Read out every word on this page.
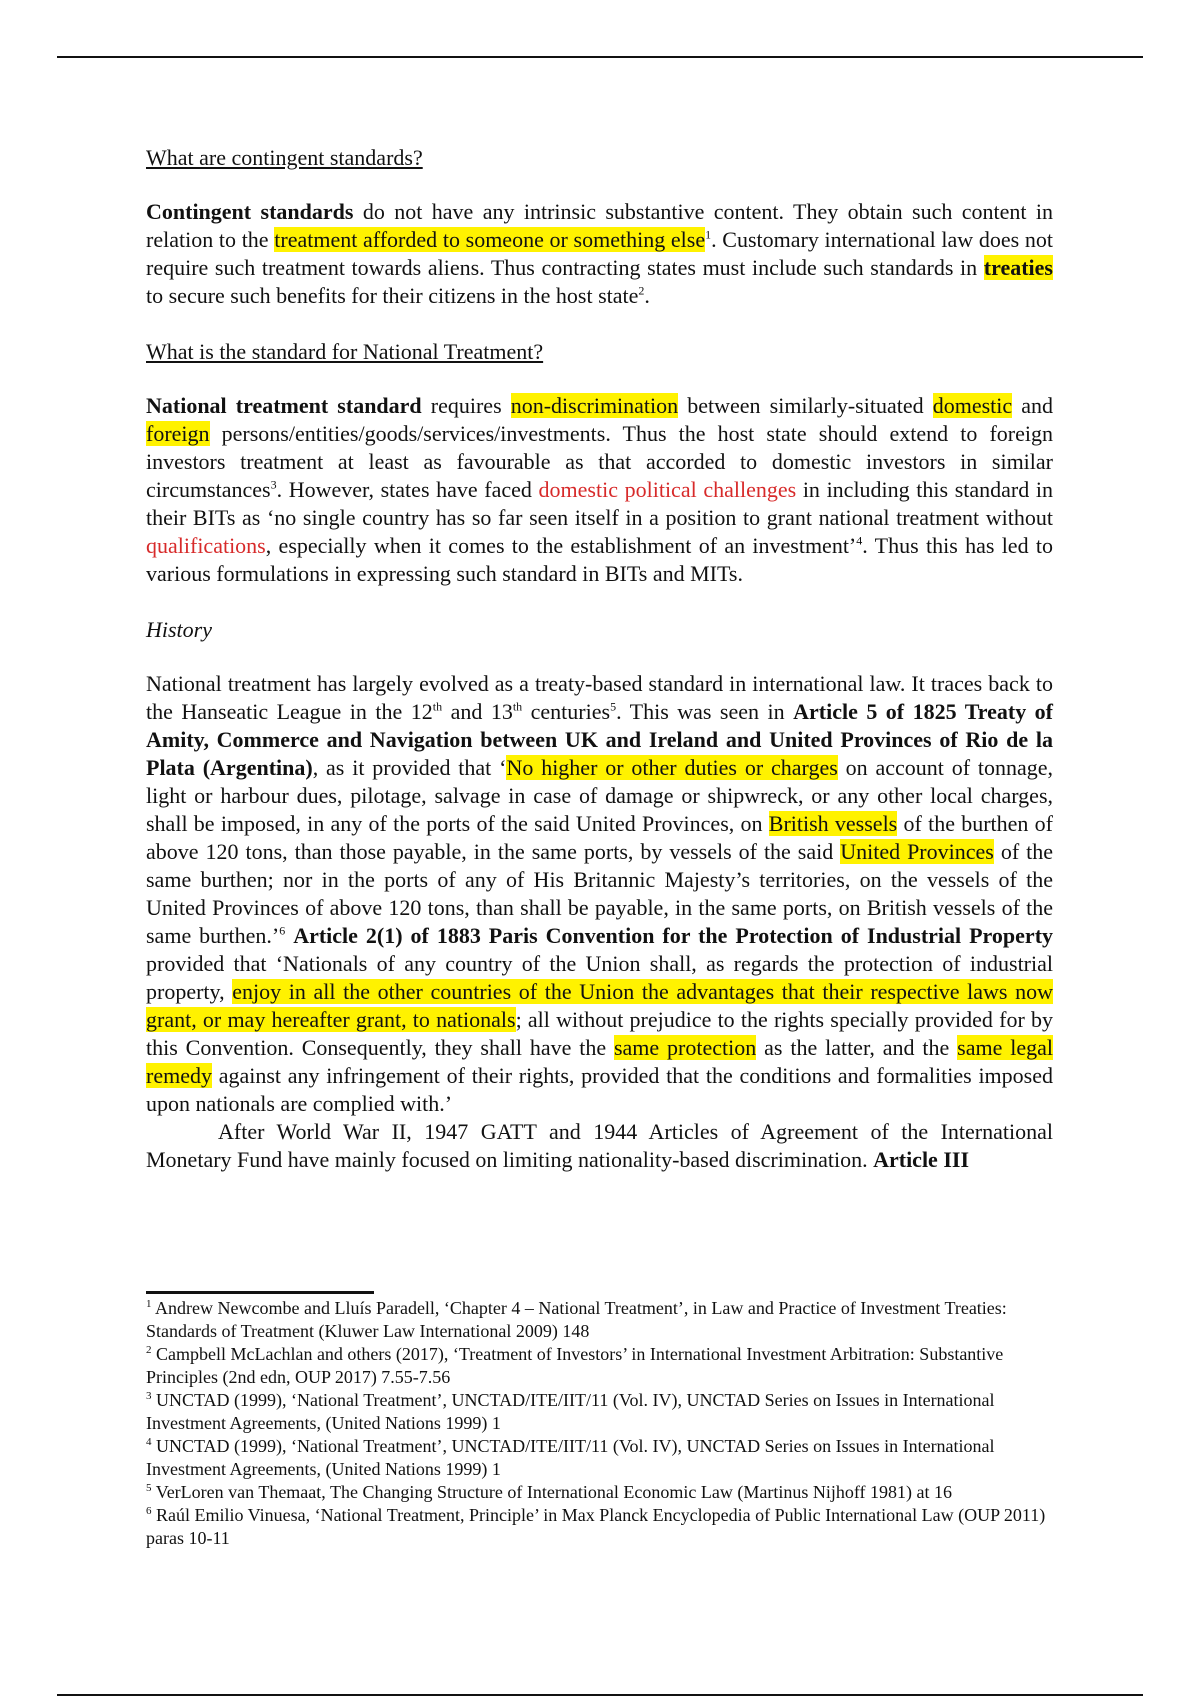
What are contingent standards?

Contingent standards do not have any intrinsic substantive content. They obtain such content in relation to the treatment afforded to someone or something else$^1$. Customary international law does not require such treatment towards aliens. Thus contracting states must include such standards in treaties to secure such benefits for their citizens in the host state$^2$.

What is the standard for National Treatment?

National treatment standard requires non-discrimination between similarly-situated domestic and foreign persons/entities/goods/services/investments. Thus the host state should extend to foreign investors treatment at least as favourable as that accorded to domestic investors in similar circumstances$^3$. However, states have faced domestic political challenges in including this standard in their BITs as ‘no single country has so far seen itself in a position to grant national treatment without qualifications, especially when it comes to the establishment of an investment’$^4$. Thus this has led to various formulations in expressing such standard in BITs and MITs.

History

National treatment has largely evolved as a treaty-based standard in international law. It traces back to the Hanseatic League in the 12th and 13th centuries$^5$. This was seen in Article 5 of 1825 Treaty of Amity, Commerce and Navigation between UK and Ireland and United Provinces of Rio de la Plata (Argentina), as it provided that ‘No higher or other duties or charges on account of tonnage, light or harbour dues, pilotage, salvage in case of damage or shipwreck, or any other local charges, shall be imposed, in any of the ports of the said United Provinces, on British vessels of the burthen of above 120 tons, than those payable, in the same ports, by vessels of the said United Provinces of the same burthen; nor in the ports of any of His Britannic Majesty’s territories, on the vessels of the United Provinces of above 120 tons, than shall be payable, in the same ports, on British vessels of the same burthen.’$^6$ Article 2(1) of 1883 Paris Convention for the Protection of Industrial Property provided that ‘Nationals of any country of the Union shall, as regards the protection of industrial property, enjoy in all the other countries of the Union the advantages that their respective laws now grant, or may hereafter grant, to nationals; all without prejudice to the rights specially provided for by this Convention. Consequently, they shall have the same protection as the latter, and the same legal remedy against any infringement of their rights, provided that the conditions and formalities imposed upon nationals are complied with.’

After World War II, 1947 GATT and 1944 Articles of Agreement of the International Monetary Fund have mainly focused on limiting nationality-based discrimination. Article III

$^1$ Andrew Newcombe and Lluís Paradell, ‘Chapter 4 – National Treatment’, in Law and Practice of Investment Treaties: Standards of Treatment (Kluwer Law International 2009) 148

$^2$ Campbell McLachlan and others (2017), ‘Treatment of Investors’ in International Investment Arbitration: Substantive Principles (2nd edn, OUP 2017) 7.55-7.56

$^3$ UNCTAD (1999), ‘National Treatment’, UNCTAD/ITE/IIT/11 (Vol. IV), UNCTAD Series on Issues in International Investment Agreements, (United Nations 1999) 1

$^4$ UNCTAD (1999), ‘National Treatment’, UNCTAD/ITE/IIT/11 (Vol. IV), UNCTAD Series on Issues in International Investment Agreements, (United Nations 1999) 1

$^5$ VerLoren van Themaat, The Changing Structure of International Economic Law (Martinus Nijhoff 1981) at 16

$^6$ Raúl Emilio Vinuesa, ‘National Treatment, Principle’ in Max Planck Encyclopedia of Public International Law (OUP 2011) paras 10-11
